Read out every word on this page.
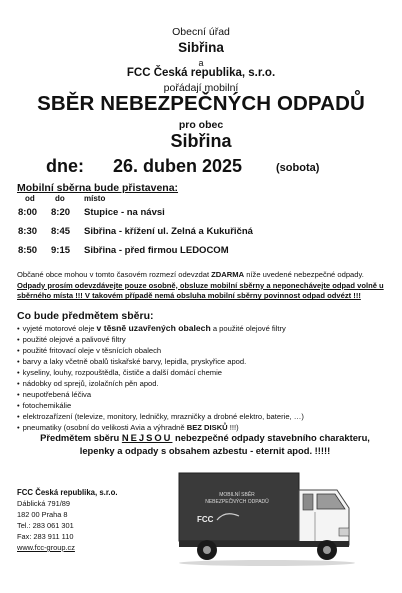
Obecní úřad
Sibřina
a
FCC Česká republika, s.r.o.
pořádají mobilní
SBĚR NEBEZPEČNÝCH ODPADŮ
pro obec
Sibřina
dne: 26. duben 2025	(sobota)
Mobilní sběrna bude přistavena:
od	do místo
8:00 8:20 Stupice - na návsi
8:30 8:45 Sibřina - křížení ul. Zelná a Kukuřičná
8:50 9:15 Sibřina - před firmou LEDOCOM
Občané obce mohou v tomto časovém rozmezí odevzdat ZDARMA níže uvedené nebezpečné odpady. Odpady prosím odevzdávejte pouze osobně, obsluze mobilní sběrny a neponechávejte odpad volně u sběrného místa !!! V takovém případě nemá obsluha mobilní sběrny povinnost odpad odvézt !!!
Co bude předmětem sběru:
• vyjeté motorové oleje v těsně uzavřených obalech a použité olejové filtry
• použité olejové a palivové filtry
• použité fritovací oleje v těsnících obalech
• barvy a laky včetně obalů tiskařské barvy, lepidla, pryskyřice apod.
• kyseliny, louhy, rozpouštědla, čističe a další domácí chemie
• nádobky od sprejů, izolačních pěn apod.
• neupotřebená léčiva
• fotochemikálie
• elektrozařízení (televize, monitory, ledničky, mrazničky a drobné elektro, baterie, …)
• pneumatiky (osobní do velikosti Avia a výhradně BEZ DISKŮ !!!)
Předmětem sběru NEJSOU nebezpečné odpady stavebního charakteru,
lepenky a odpady s obsahem azbestu - eternit apod. !!!!!
FCC Česká republika, s.r.o.
Dáblická 791/89
182 00 Praha 8
Tel.: 283 061 301
Fax: 283 911 110
www.fcc-group.cz
MOBILNÍ SBĚR
NEBEZPEČNÝCH ODPADŮ
FCC
